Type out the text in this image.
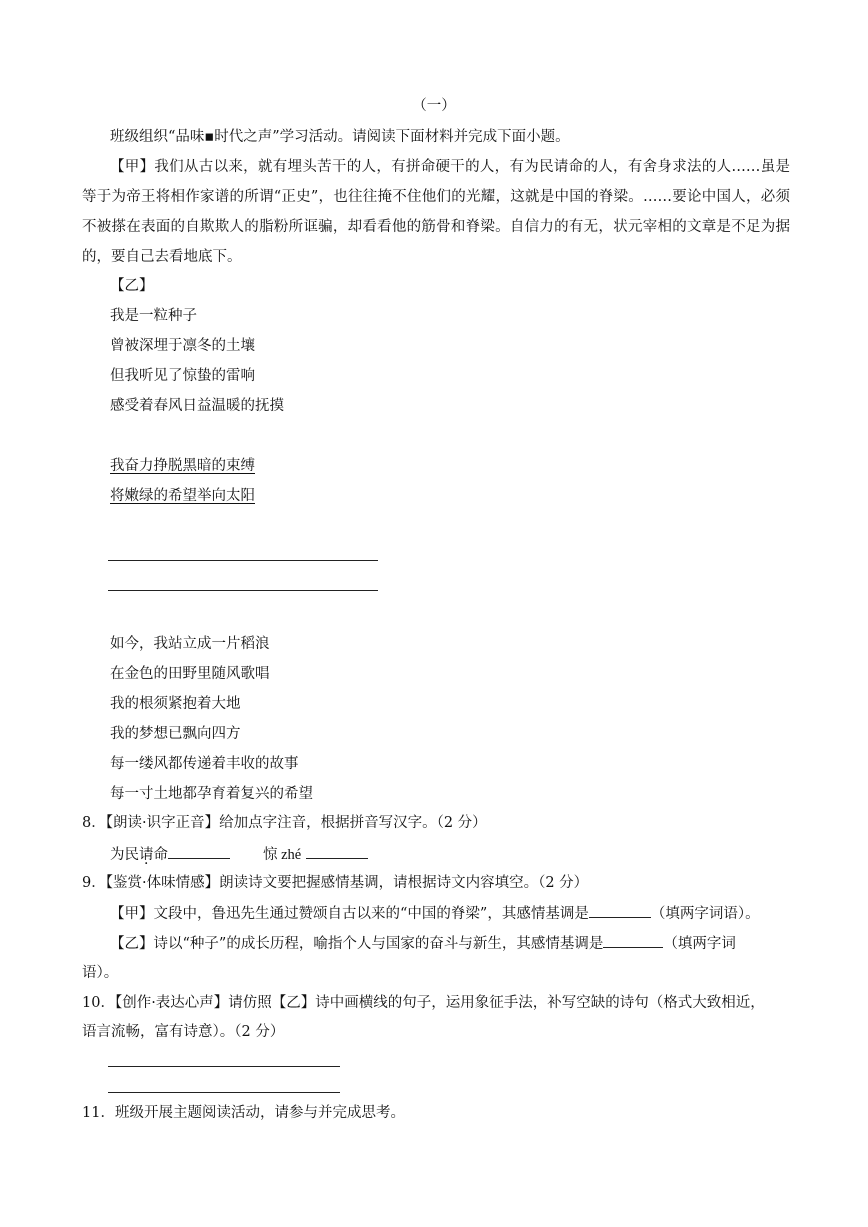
（一）
班级组织“品味▪时代之声”学习活动。请阅读下面材料并完成下面小题。
【甲】我们从古以来，就有埋头苦干的人，有拼命硬干的人，有为民请命的人，有舍身求法的人……虽是等于为帝王将相作家谱的所谓“正史”，也往往掩不住他们的光耀，这就是中国的脊梁。……要论中国人，必须不被搽在表面的自欺欺人的脂粉所诓骗，却看看他的筋骨和脊梁。自信力的有无，状元宰相的文章是不足为据的，要自己去看地底下。
【乙】
我是一粒种子
曾被深埋于凛冬的土壤
但我听见了惊蛰的雷响
感受着春风日益温暖的抚摸
我奋力挣脱黑暗的束缚
将嫩绿的希望举向太阳
如今，我站立成一片稻浪
在金色的田野里随风歌唱
我的根须紧抱着大地
我的梦想已飘向四方
每一缕风都传递着丰收的故事
每一寸土地都孕育着复兴的希望
8．【朗读·识字正音】给加点字注音，根据拼音写汉字。（2 分）
为民请命	惊 zhé
9．【鉴赏·体味情感】朗读诗文要把握感情基调，请根据诗文内容填空。（2 分）
【甲】文段中，鲁迅先生通过赞颂自古以来的“中国的脊梁”，其感情基调是	（填两字词语）。
【乙】诗以“种子”的成长历程，喻指个人与国家的奋斗与新生，其感情基调是	（填两字词
语）。
10．【创作·表达心声】请仿照【乙】诗中画横线的句子，运用象征手法，补写空缺的诗句（格式大致相近，
语言流畅，富有诗意）。（2 分）
11．班级开展主题阅读活动，请参与并完成思考。
